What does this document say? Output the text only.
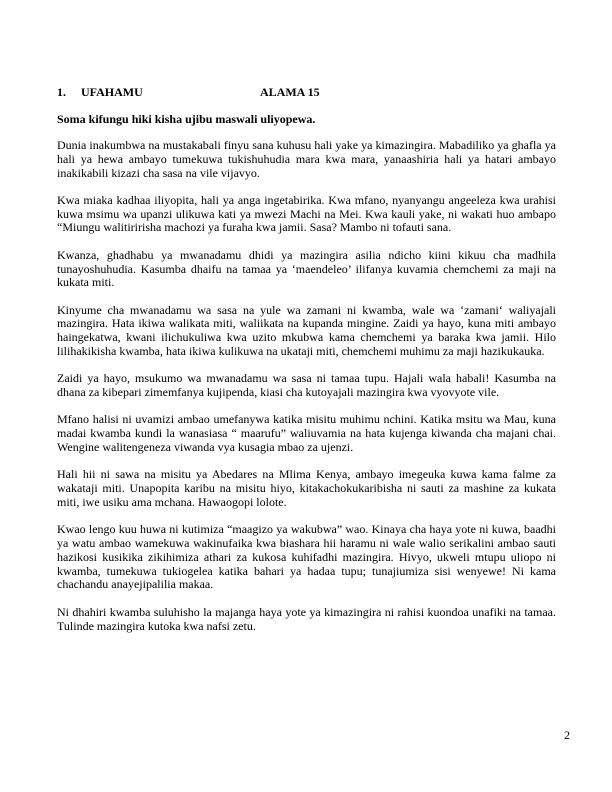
1. UFAHAMU	ALAMA 15

Soma kifungu hiki kisha ujibu maswali uliyopewa.

Dunia inakumbwa na mustakabali finyu sana kuhusu hali yake ya kimazingira. Mabadiliko ya ghafla ya hali ya hewa ambayo tumekuwa tukishuhudia mara kwa mara, yanaashiria hali ya hatari ambayo inakikabili kizazi cha sasa na vile vijavyo.

Kwa miaka kadhaa iliyopita, hali ya anga ingetabirika. Kwa mfano, nyanyangu angeeleza kwa urahisi kuwa msimu wa upanzi ulikuwa kati ya mwezi Machi na Mei. Kwa kauli yake, ni wakati huo ambapo “Miungu walitiririsha machozi ya furaha kwa jamii. Sasa? Mambo ni tofauti sana.

Kwanza, ghadhabu ya mwanadamu dhidi ya mazingira asilia ndicho kiini kikuu cha madhila tunayoshuhudia. Kasumba dhaifu na tamaa ya ‘maendeleo’ ilifanya kuvamia chemchemi za maji na kukata miti.

Kinyume cha mwanadamu wa sasa na yule wa zamani ni kwamba, wale wa ‘zamani‘ waliyajali mazingira. Hata ikiwa walikata miti, waliikata na kupanda mingine. Zaidi ya hayo, kuna miti ambayo haingekatwa, kwani ilichukuliwa kwa uzito mkubwa kama chemchemi ya baraka kwa jamii. Hilo lilihakikisha kwamba, hata ikiwa kulikuwa na ukataji miti, chemchemi muhimu za maji hazikukauka.

Zaidi ya hayo, msukumo wa mwanadamu wa sasa ni tamaa tupu. Hajali wala habali! Kasumba na dhana za kibepari zimemfanya kujipenda, kiasi cha kutoyajali mazingira kwa vyovyote vile.

Mfano halisi ni uvamizi ambao umefanywa katika misitu muhimu nchini. Katika msitu wa Mau, kuna madai kwamba kundi la wanasiasa “ maarufu” waliuvamia na hata kujenga kiwanda cha majani chai. Wengine walitengeneza viwanda vya kusagia mbao za ujenzi.

Hali hii ni sawa na misitu ya Abedares na Mlima Kenya, ambayo imegeuka kuwa kama falme za wakataji miti. Unapopita karibu na misitu hiyo, kitakachokukaribisha ni sauti za mashine za kukata miti, iwe usiku ama mchana. Hawaogopi lolote.

Kwao lengo kuu huwa ni kutimiza “maagizo ya wakubwa” wao. Kinaya cha haya yote ni kuwa, baadhi ya watu ambao wamekuwa wakinufaika kwa biashara hii haramu ni wale walio serikalini ambao sauti hazikosi kusikika zikihimiza athari za kukosa kuhifadhi mazingira. Hivyo, ukweli mtupu uliopo ni kwamba, tumekuwa tukiogelea katika bahari ya hadaa tupu; tunajiumiza sisi wenyewe! Ni kama chachandu anayejipalilia makaa.

Ni dhahiri kwamba suluhisho la majanga haya yote ya kimazingira ni rahisi kuondoa unafiki na tamaa. Tulinde mazingira kutoka kwa nafsi zetu.

2
